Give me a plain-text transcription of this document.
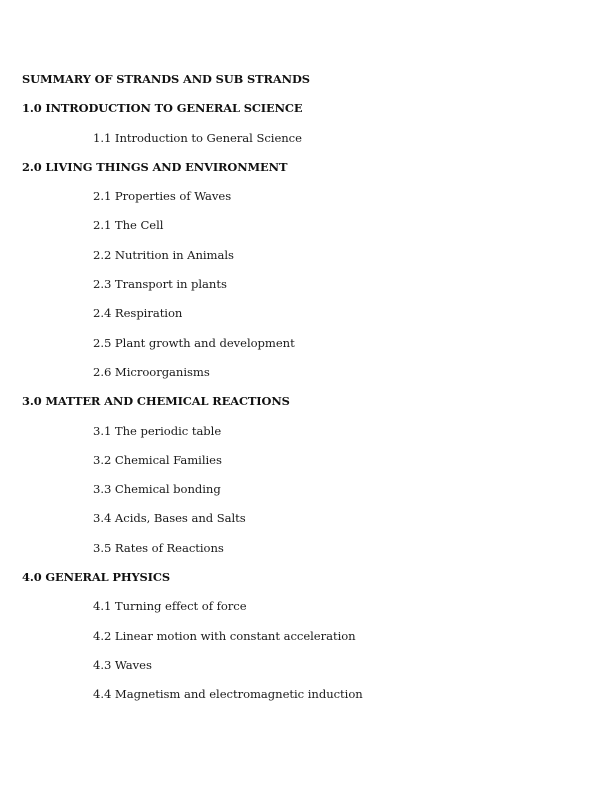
SUMMARY OF STRANDS AND SUB STRANDS
1.0 INTRODUCTION TO GENERAL SCIENCE
1.1 Introduction to General Science
2.0 LIVING THINGS AND ENVIRONMENT
2.1 Properties of Waves
2.1 The Cell
2.2 Nutrition in Animals
2.3 Transport in plants
2.4 Respiration
2.5 Plant growth and development
2.6 Microorganisms
3.0 MATTER AND CHEMICAL REACTIONS
3.1 The periodic table
3.2 Chemical Families
3.3 Chemical bonding
3.4 Acids, Bases and Salts
3.5 Rates of Reactions
4.0 GENERAL PHYSICS
4.1 Turning effect of force
4.2 Linear motion with constant acceleration
4.3 Waves
4.4 Magnetism and electromagnetic induction
